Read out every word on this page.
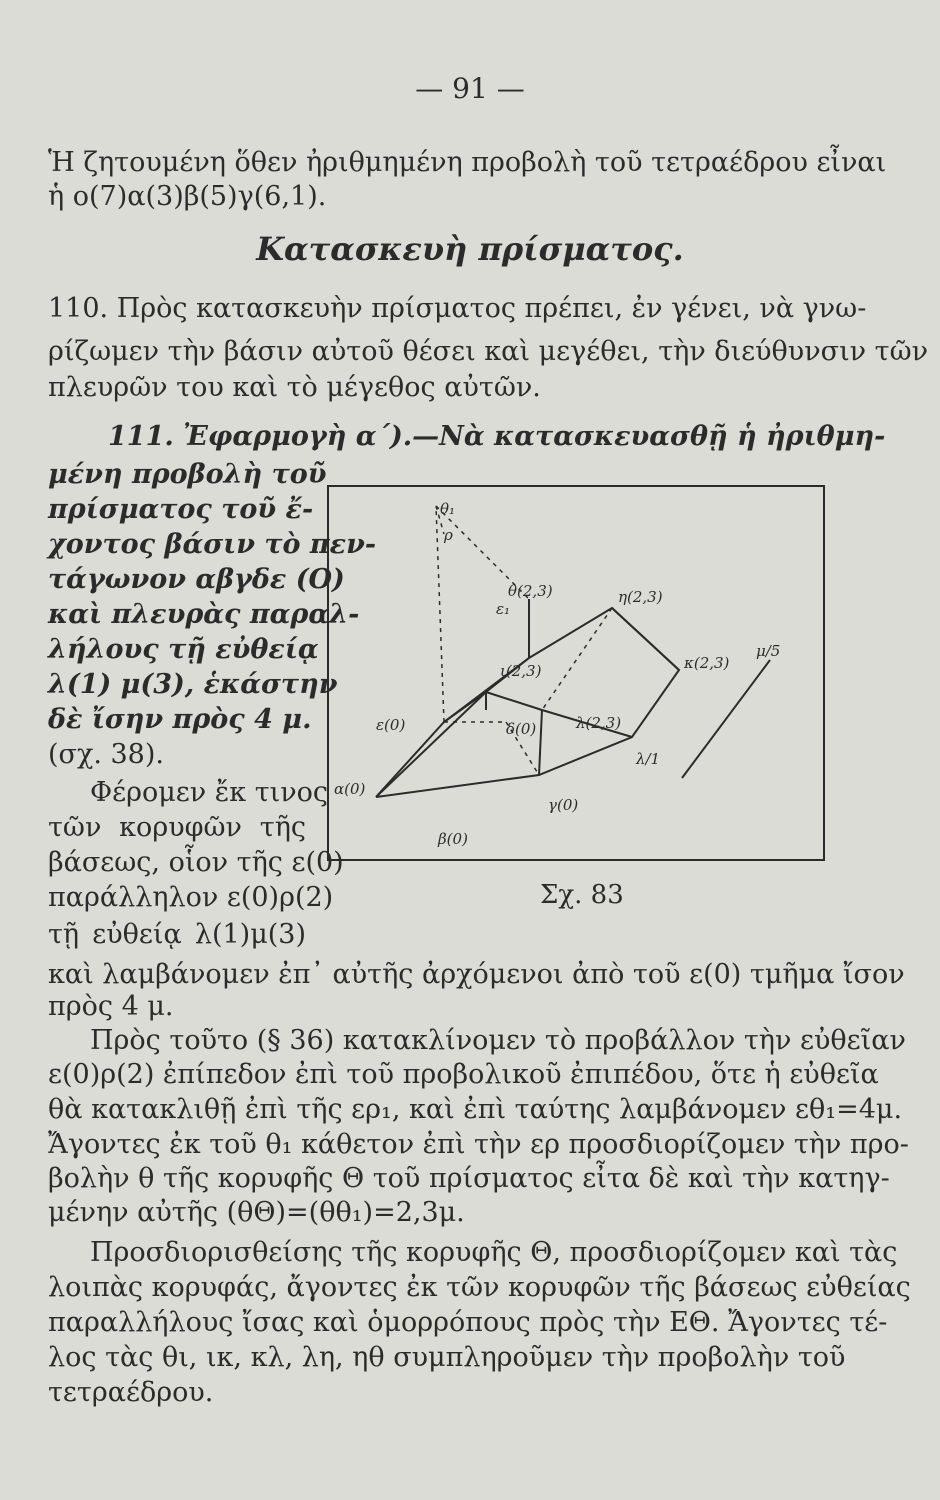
— 91 —
Ἡ ζητουμένη ὅθεν ἠριθμημένη προβολὴ τοῦ τετραέδρου εἶναι
ἡ ο(7)α(3)β(5)γ(6,1).
Κατασκευὴ πρίσματος.
110. Πρὸς κατασκευὴν πρίσματος πρέπει, ἐν γένει, νὰ γνω-
ρίζωμεν τὴν βάσιν αὐτοῦ θέσει καὶ μεγέθει, τὴν διεύθυνσιν τῶν
πλευρῶν του καὶ τὸ μέγεθος αὐτῶν.
111. Ἐφαρμογὴ α΄).—Νὰ κατασκευασθῇ ἡ ἠριθμη-
μένη προβολὴ τοῦ
πρίσματος τοῦ ἔ-
χοντος βάσιν τὸ πεν-
τάγωνον αβγδε (Ο)
καὶ πλευρὰς παραλ-
λήλους τῇ εὐθείᾳ
λ(1) μ(3), ἑκάστην
δὲ ἴσην πρὸς 4 μ.
(σχ. 38).
Φέρομεν ἔκ τινος
τῶν κορυφῶν τῆς
βάσεως, οἷον τῆς ε(0)
παράλληλον ε(0)ρ(2)
τῇ εὐθείᾳ λ(1)μ(3)
καὶ λαμβάνομεν ἐπ᾽ αὐτῆς ἀρχόμενοι ἀπὸ τοῦ ε(0) τμῆμα ἴσον
πρὸς 4 μ.
Πρὸς τοῦτο (§ 36) κατακλίνομεν τὸ προβάλλον τὴν εὐθεῖαν
ε(0)ρ(2) ἐπίπεδον ἐπὶ τοῦ προβολικοῦ ἐπιπέδου, ὅτε ἡ εὐθεῖα
θὰ κατακλιθῇ ἐπὶ τῆς ερ₁, καὶ ἐπὶ ταύτης λαμβάνομεν εθ₁=4μ.
Ἄγοντες ἐκ τοῦ θ₁ κάθετον ἐπὶ τὴν ερ προσδιορίζομεν τὴν προ-
βολὴν θ τῆς κορυφῆς Θ τοῦ πρίσματος εἶτα δὲ καὶ τὴν κατηγ-
μένην αὐτῆς (θΘ)=(θθ₁)=2,3μ.
Προσδιορισθείσης τῆς κορυφῆς Θ, προσδιορίζομεν καὶ τὰς
λοιπὰς κορυφάς, ἄγοντες ἐκ τῶν κορυφῶν τῆς βάσεως εὐθείας
παραλλήλους ἴσας καὶ ὁμορρόπους πρὸς τὴν ΕΘ. Ἄγοντες τέ-
λος τὰς θι, ικ, κλ, λη, ηθ συμπληροῦμεν τὴν προβολὴν τοῦ
τετραέδρου.
θ₁
ρ
θ(2,3)	η(2,3)
ε₁
ι(2,3)	κ(2,3)
λ(2,3)
μ/5
λ/1
ε(0)	δ(0)
α(0)
γ(0)
β(0)
Σχ. 83
